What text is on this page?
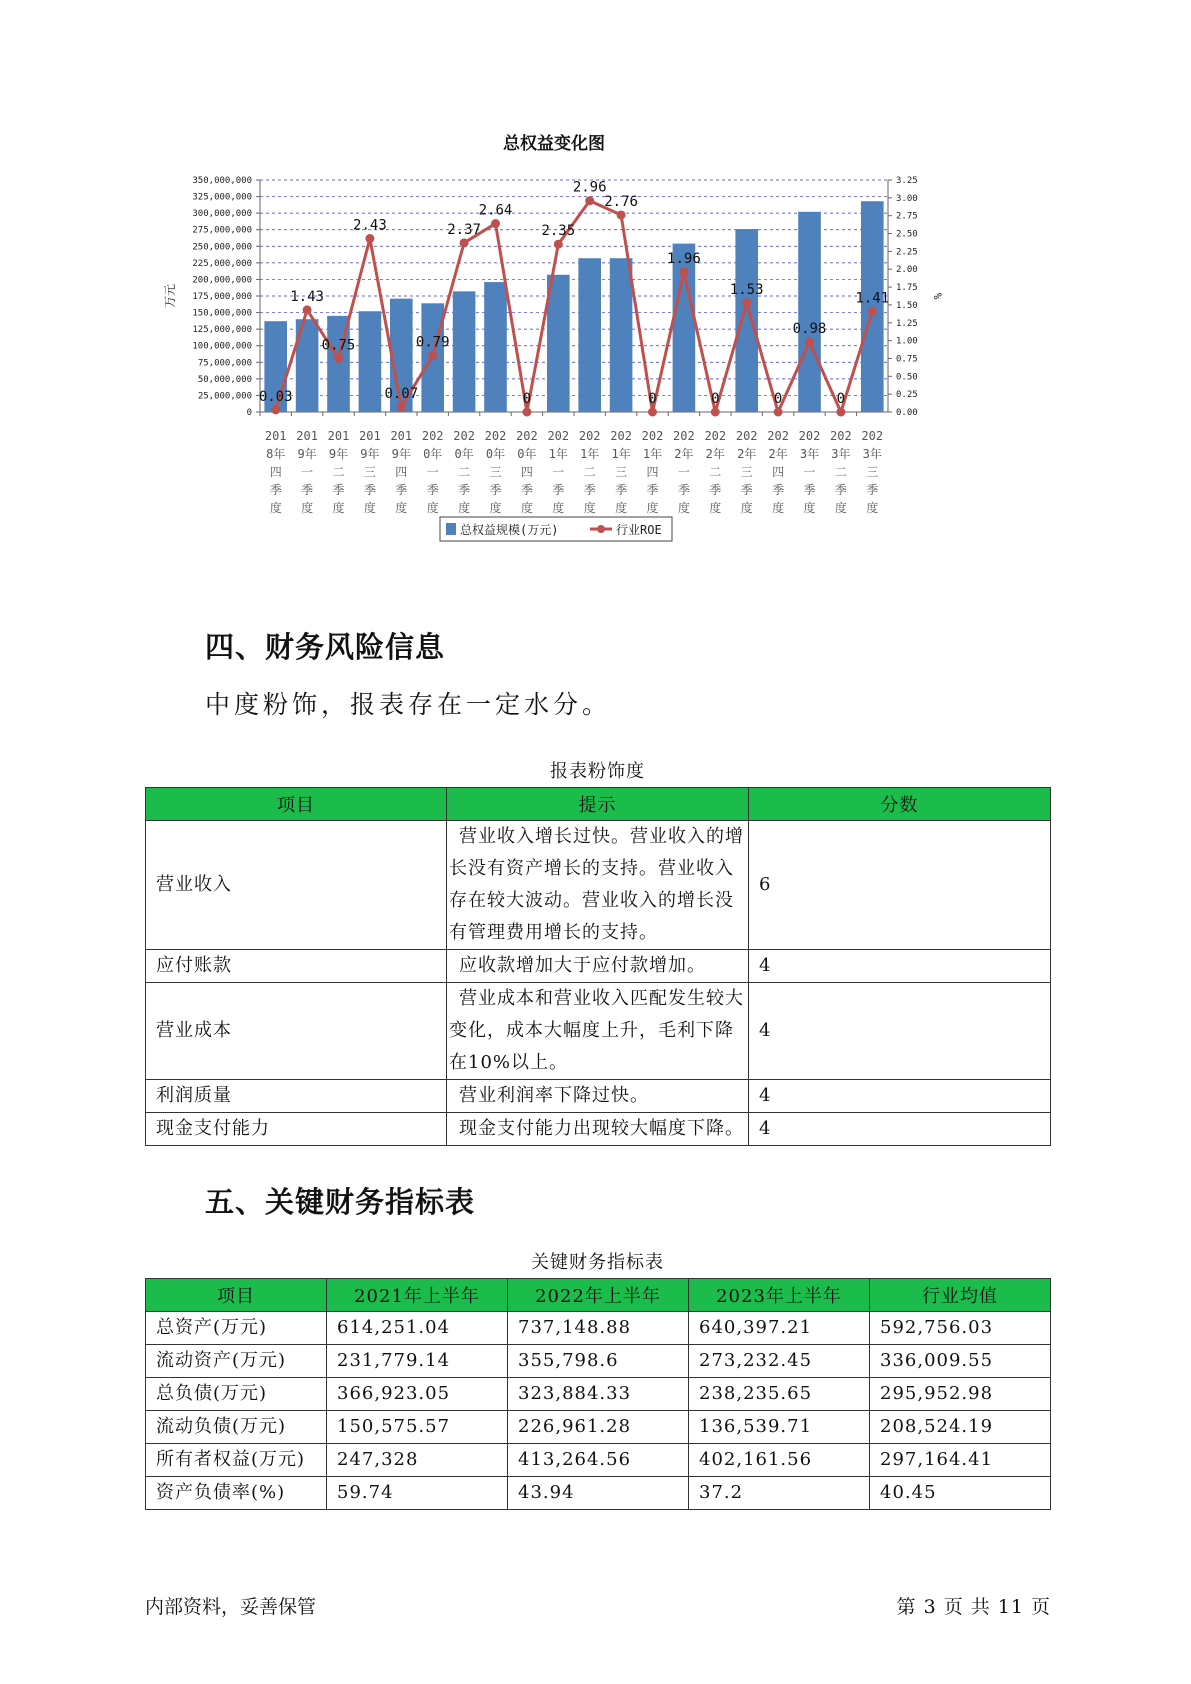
总权益变化图
0
25,000,000
50,000,000
75,000,000
100,000,000
125,000,000
150,000,000
175,000,000
200,000,000
225,000,000
250,000,000
275,000,000
300,000,000
325,000,000
350,000,000
0.00
0.25
0.50
0.75
1.00
1.25
1.50
1.75
2.00
2.25
2.50
2.75
3.00
3.25
万元	%
201
8年
四
季
度
201
9年
一
季
度
201
9年
二
季
度
201
9年
三
季
度
201
9年
四
季
度
202
0年
一
季
度
202
0年
二
季
度
202
0年
三
季
度
202
0年
四
季
度
202
1年
一
季
度
202
1年
二
季
度
202
1年
三
季
度
202
1年
四
季
度
202
2年
一
季
度
202
2年
二
季
度
202
2年
三
季
度
202
2年
四
季
度
202
3年
一
季
度
202
3年
二
季
度
202
3年
三
季
度
0.03
1.43
0.75
2.43
0.07
0.79
2.37
2.64
0
2.35
2.96
2.76
0
1.96
0
1.53
0
0.98
0
1.41
总权益规模(万元)	行业ROE
四、财务风险信息

中度粉饰，报表存在一定水分。

报表粉饰度
项目	提示	分数
营业收入	营业收入增长过快。营业收入的增长没有资产增长的支持。营业收入存在较大波动。营业收入的增长没有管理费用增长的支持。	6
应付账款	应收款增加大于应付款增加。	4
营业成本	营业成本和营业收入匹配发生较大变化，成本大幅度上升，毛利下降在10%以上。	4
利润质量	营业利润率下降过快。	4
现金支付能力	现金支付能力出现较大幅度下降。	4
五、关键财务指标表
关键财务指标表
项目	2021年上半年	2022年上半年	2023年上半年	行业均值
总资产(万元)	614,251.04	737,148.88	640,397.21	592,756.03
流动资产(万元)	231,779.14	355,798.6	273,232.45	336,009.55
总负债(万元)	366,923.05	323,884.33	238,235.65	295,952.98
流动负债(万元)	150,575.57	226,961.28	136,539.71	208,524.19
所有者权益(万元)	247,328	413,264.56	402,161.56	297,164.41
资产负债率(%)	59.74	43.94	37.2	40.45
内部资料，妥善保管	第 3 页 共 11 页
